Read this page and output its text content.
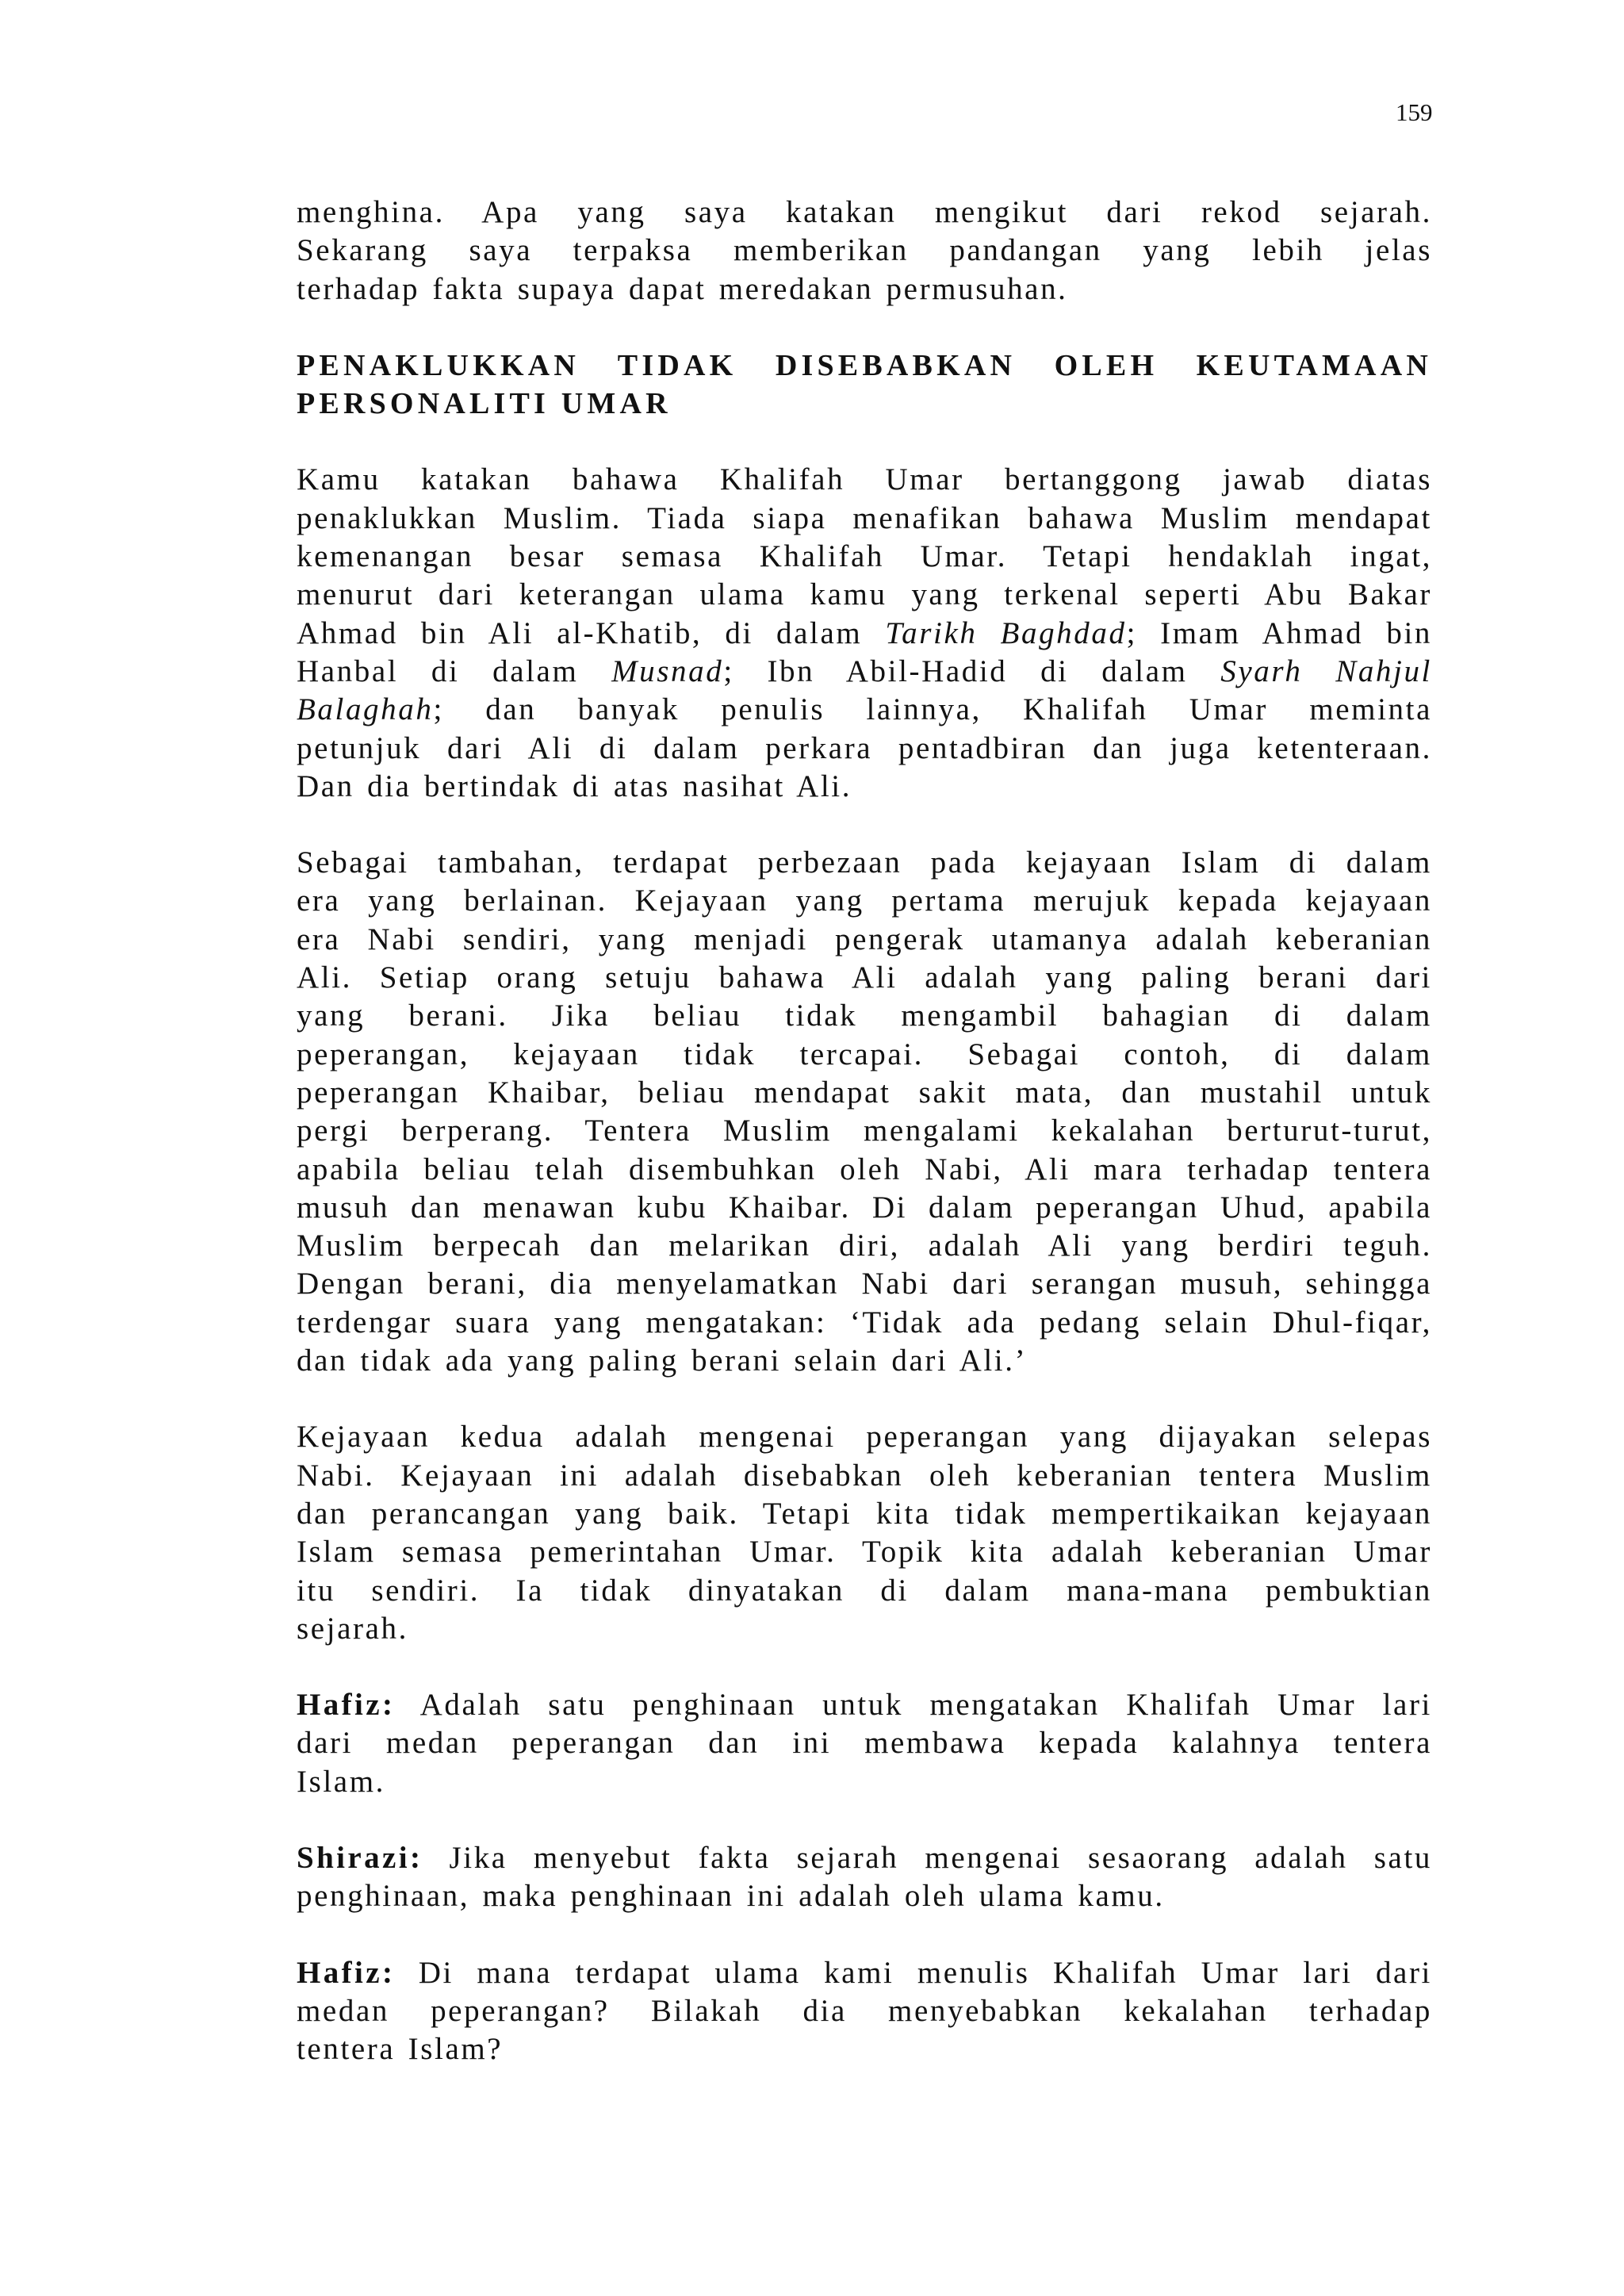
159

menghina. Apa yang saya katakan mengikut dari rekod sejarah.
Sekarang saya terpaksa memberikan pandangan yang lebih jelas
terhadap fakta supaya dapat meredakan permusuhan.

PENAKLUKKAN TIDAK DISEBABKAN OLEH KEUTAMAAN
PERSONALITI UMAR

Kamu katakan bahawa Khalifah Umar bertanggong jawab diatas
penaklukkan Muslim. Tiada siapa menafikan bahawa Muslim mendapat
kemenangan besar semasa Khalifah Umar. Tetapi hendaklah ingat,
menurut dari keterangan ulama kamu yang terkenal seperti Abu Bakar
Ahmad bin Ali al-Khatib, di dalam Tarikh Baghdad; Imam Ahmad bin
Hanbal di dalam Musnad; Ibn Abil-Hadid di dalam Syarh Nahjul
Balaghah; dan banyak penulis lainnya, Khalifah Umar meminta
petunjuk dari Ali di dalam perkara pentadbiran dan juga ketenteraan.
Dan dia bertindak di atas nasihat Ali.

Sebagai tambahan, terdapat perbezaan pada kejayaan Islam di dalam
era yang berlainan. Kejayaan yang pertama merujuk kepada kejayaan
era Nabi sendiri, yang menjadi pengerak utamanya adalah keberanian
Ali. Setiap orang setuju bahawa Ali adalah yang paling berani dari
yang berani. Jika beliau tidak mengambil bahagian di dalam
peperangan, kejayaan tidak tercapai. Sebagai contoh, di dalam
peperangan Khaibar, beliau mendapat sakit mata, dan mustahil untuk
pergi berperang. Tentera Muslim mengalami kekalahan berturut-turut,
apabila beliau telah disembuhkan oleh Nabi, Ali mara terhadap tentera
musuh dan menawan kubu Khaibar. Di dalam peperangan Uhud, apabila
Muslim berpecah dan melarikan diri, adalah Ali yang berdiri teguh.
Dengan berani, dia menyelamatkan Nabi dari serangan musuh, sehingga
terdengar suara yang mengatakan: ‘Tidak ada pedang selain Dhul-fiqar,
dan tidak ada yang paling berani selain dari Ali.’

Kejayaan kedua adalah mengenai peperangan yang dijayakan selepas
Nabi. Kejayaan ini adalah disebabkan oleh keberanian tentera Muslim
dan perancangan yang baik. Tetapi kita tidak mempertikaikan kejayaan
Islam semasa pemerintahan Umar. Topik kita adalah keberanian Umar
itu sendiri. Ia tidak dinyatakan di dalam mana-mana pembuktian
sejarah.

Hafiz: Adalah satu penghinaan untuk mengatakan Khalifah Umar lari
dari medan peperangan dan ini membawa kepada kalahnya tentera
Islam.

Shirazi: Jika menyebut fakta sejarah mengenai sesaorang adalah satu
penghinaan, maka penghinaan ini adalah oleh ulama kamu.

Hafiz: Di mana terdapat ulama kami menulis Khalifah Umar lari dari
medan peperangan? Bilakah dia menyebabkan kekalahan terhadap
tentera Islam?
